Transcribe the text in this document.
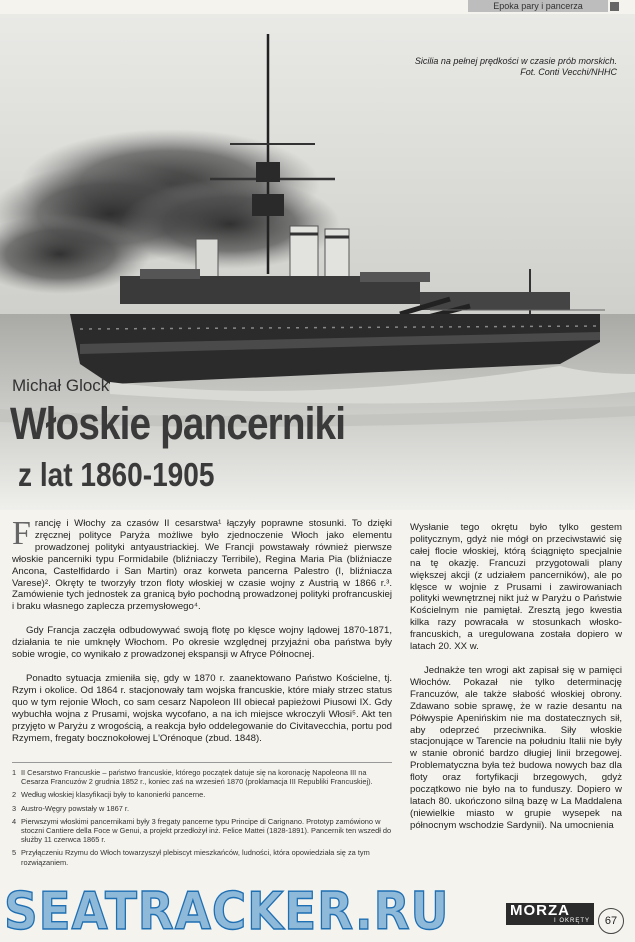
Epoka pary i pancerza
Sicilia na pełnej prędkości w czasie prób morskich. Fot. Conti Vecchi/NHHC
Michał Glock
Włoskie pancerniki
z lat 1860-1905

Francję i Włochy za czasów II cesarstwa¹ łączyły poprawne stosunki. To dzięki zręcznej polityce Paryża możliwe było zjednoczenie Włoch jako elementu prowadzonej polityki antyaustriackiej. We Francji powstawały również pierwsze włoskie pancerniki typu Formidabile (bliźniaczy Terribile), Regina Maria Pia (bliźniacze Ancona, Castelfidardo i San Martin) oraz korweta pancerna Palestro (I, bliźniacza Varese)². Okręty te tworzyły trzon floty włoskiej w czasie wojny z Austrią w 1866 r.³. Zamówienie tych jednostek za granicą było pochodną prowadzonej polityki profrancuskiej i braku własnego zaplecza przemysłowego⁴.

Gdy Francja zaczęła odbudowywać swoją flotę po klęsce wojny lądowej 1870-1871, działania te nie umknęły Włochom. Po okresie względnej przyjaźni oba państwa były sobie wrogie, co wynikało z prowadzonej ekspansji w Afryce Północnej.

Ponadto sytuacja zmieniła się, gdy w 1870 r. zaanektowano Państwo Kościelne, tj. Rzym i okolice. Od 1864 r. stacjonowały tam wojska francuskie, które miały strzec status quo w tym rejonie Włoch, co sam cesarz Napoleon III obiecał papieżowi Piusowi IX. Gdy wybuchła wojna z Prusami, wojska wycofano, a na ich miejsce wkroczyli Włosi⁵. Akt ten przyjęto w Paryżu z wrogością, a reakcja było oddelegowanie do Civitavecchia, portu pod Rzymem, fregaty bocznokołowej L'Orénoque (zbud. 1848).

Wysłanie tego okrętu było tylko gestem politycznym, gdyż nie mógł on przeciwstawić się całej flocie włoskiej, którą ściągnięto specjalnie na tę okazję. Francuzi przygotowali plany większej akcji (z udziałem pancerników), ale po klęsce w wojnie z Prusami i zawirowaniach polityki wewnętrznej nikt już w Paryżu o Państwie Kościelnym nie pamiętał. Zresztą jego kwestia kilka razy powracała w stosunkach włosko-francuskich, a uregulowana została dopiero w latach 20. XX w.

Jednakże ten wrogi akt zapisał się w pamięci Włochów. Pokazał nie tylko determinację Francuzów, ale także słabość włoskiej obrony. Zdawano sobie sprawę, że w razie desantu na Półwyspie Apenińskim nie ma dostatecznych sił, aby odeprzeć przeciwnika. Siły włoskie stacjonujące w Tarencie na południu Italii nie były w stanie obronić bardzo długiej linii brzegowej. Problematyczna była też budowa nowych baz dla floty oraz fortyfikacji brzegowych, gdyż początkowo nie było na to funduszy. Dopiero w latach 80. ukończono silną bazę w La Maddalena (niewielkie miasto w grupie wysepek na północnym wschodzie Sardynii). Na umocnienia

1 II Cesarstwo Francuskie – państwo francuskie, którego początek datuje się na koronację Napoleona III na Cesarza Francuzów 2 grudnia 1852 r., koniec zaś na wrzesień 1870 (proklamacja III Republiki Francuskiej).
2 Według włoskiej klasyfikacji były to kanonierki pancerne.
3 Austro-Węgry powstały w 1867 r.
4 Pierwszymi włoskimi pancernikami były 3 fregaty pancerne typu Principe di Carignano. Prototyp zamówiono w stoczni Cantiere della Foce w Genui, a projekt przedłożył inż. Felice Mattei (1828-1891). Pancernik ten wszedł do służby 11 czerwca 1865 r.
5 Przyłączeniu Rzymu do Włoch towarzyszył plebiscyt mieszkańców, ludności, która opowiedziała się za tym rozwiązaniem.
SEATRACKER.RU	MORZA
I OKRĘTY	67
